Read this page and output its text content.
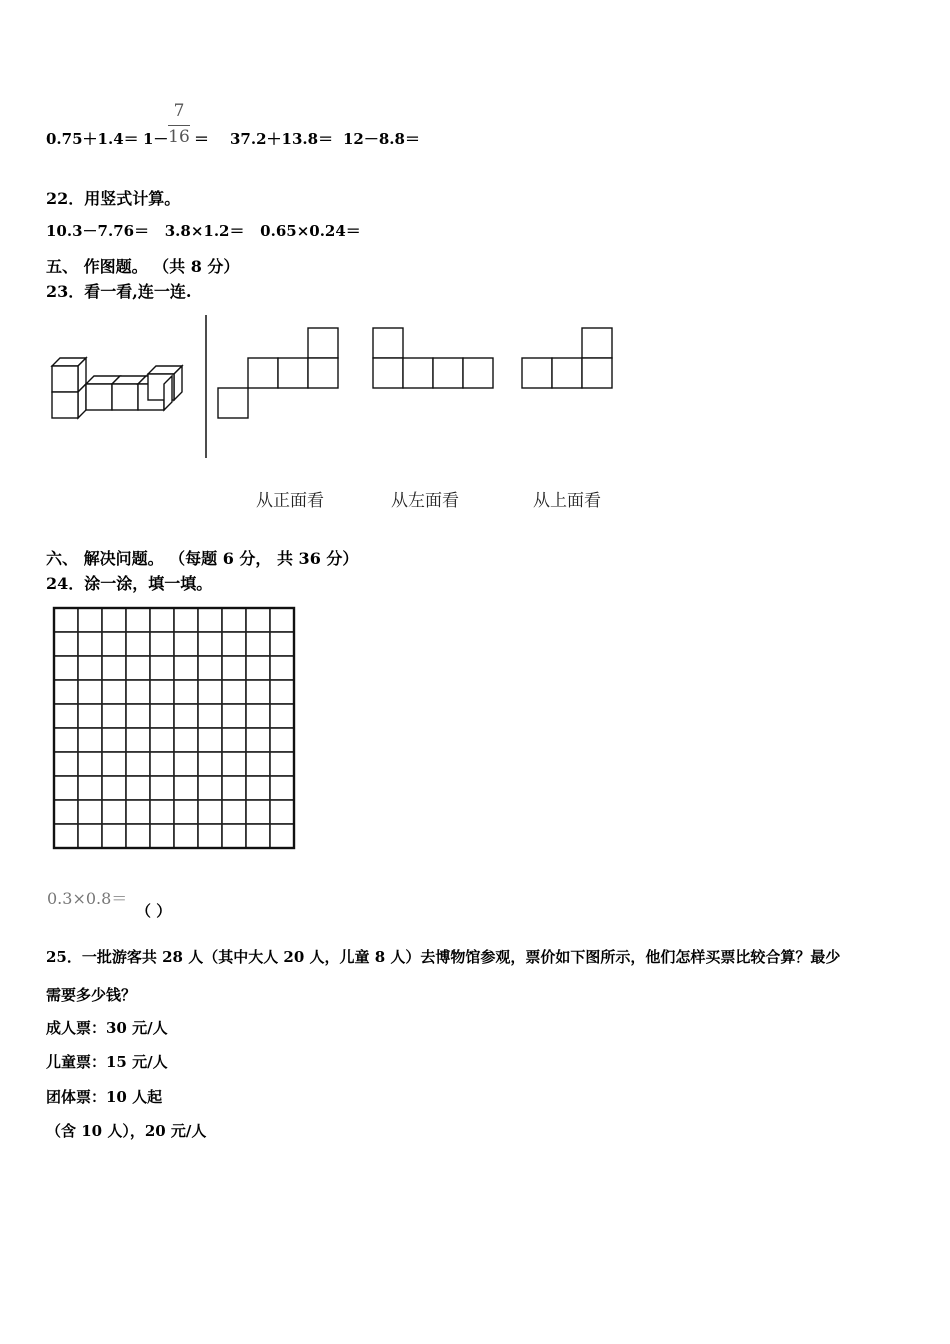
0.75＋1.4＝ 1－
7
16 ＝ 37.2＋13.8＝ 12－8.8＝
22．用竖式计算。
10.3－7.76＝   3.8×1.2＝   0.65×0.24＝
五、 作图题。 （共 8 分）
23．看一看,连一连.
从正面看	从左面看	从上面看
六、 解决问题。 （每题 6 分， 共 36 分）
24．涂一涂，填一填。
0.3×0.8＝
（ ）
25．一批游客共 28 人（其中大人 20 人，儿童 8 人）去博物馆参观，票价如下图所示，他们怎样买票比较合算？最少
需要多少钱？
成人票：30 元/人
儿童票：15 元/人
团体票：10 人起
（含 10 人），20 元/人
